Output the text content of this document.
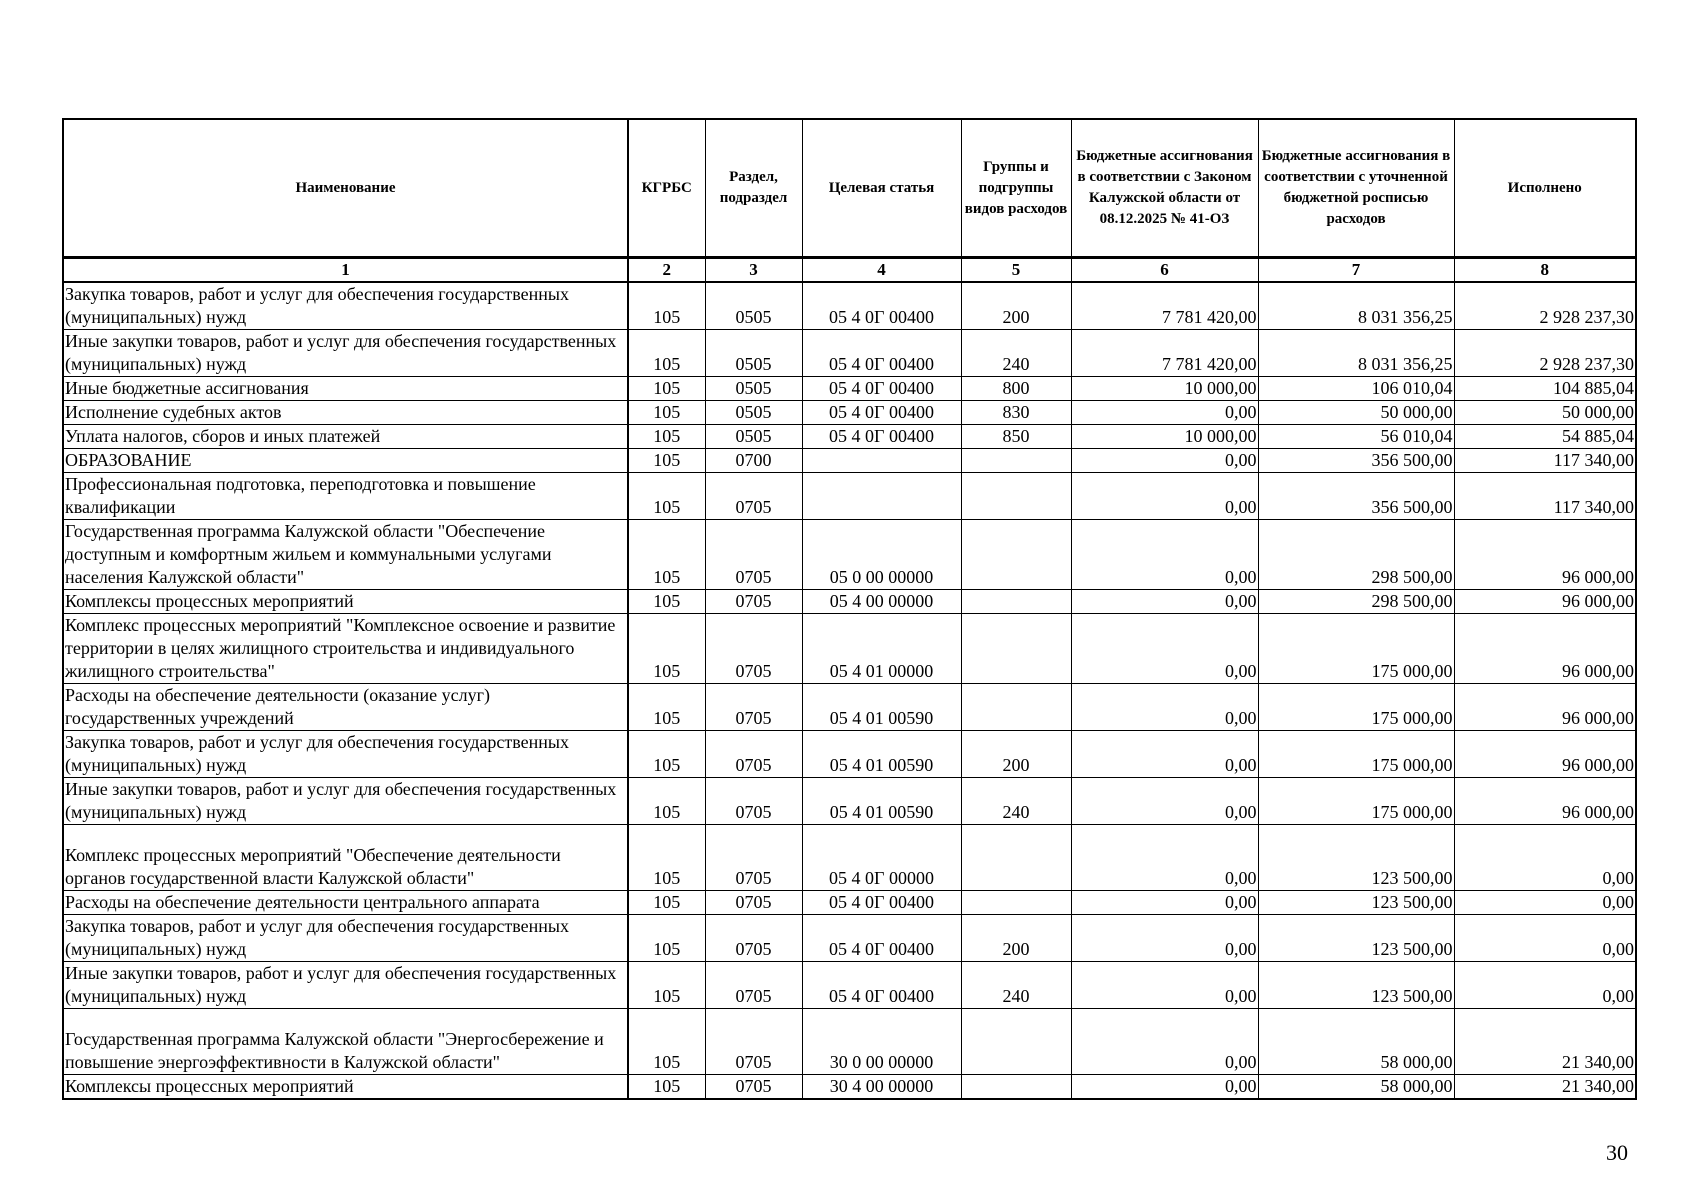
Наименование	КГРБС	Раздел, подраздел	Целевая статья	Группы и подгруппы видов расходов	Бюджетные ассигнования в соответствии с Законом Калужской области от 08.12.2025 № 41-ОЗ	Бюджетные ассигнования в соответствии с уточненной бюджетной росписью расходов	Исполнено
1	2	3	4	5	6	7	8
Закупка товаров, работ и услуг для обеспечения государственных (муниципальных) нужд	105	0505	05 4 0Г 00400	200	7 781 420,00	8 031 356,25	2 928 237,30
Иные закупки товаров, работ и услуг для обеспечения государственных (муниципальных) нужд	105	0505	05 4 0Г 00400	240	7 781 420,00	8 031 356,25	2 928 237,30
Иные бюджетные ассигнования	105	0505	05 4 0Г 00400	800	10 000,00	106 010,04	104 885,04
Исполнение судебных актов	105	0505	05 4 0Г 00400	830	0,00	50 000,00	50 000,00
Уплата налогов, сборов и иных платежей	105	0505	05 4 0Г 00400	850	10 000,00	56 010,04	54 885,04
ОБРАЗОВАНИЕ	105	0700			0,00	356 500,00	117 340,00
Профессиональная подготовка, переподготовка и повышение квалификации	105	0705			0,00	356 500,00	117 340,00
Государственная программа Калужской области "Обеспечение доступным и комфортным жильем и коммунальными услугами населения Калужской области"	105	0705	05 0 00 00000		0,00	298 500,00	96 000,00
Комплексы процессных мероприятий	105	0705	05 4 00 00000		0,00	298 500,00	96 000,00
Комплекс процессных мероприятий "Комплексное освоение и развитие территории в целях жилищного строительства и индивидуального жилищного строительства"	105	0705	05 4 01 00000		0,00	175 000,00	96 000,00
Расходы на обеспечение деятельности (оказание услуг) государственных учреждений	105	0705	05 4 01 00590		0,00	175 000,00	96 000,00
Закупка товаров, работ и услуг для обеспечения государственных (муниципальных) нужд	105	0705	05 4 01 00590	200	0,00	175 000,00	96 000,00
Иные закупки товаров, работ и услуг для обеспечения государственных (муниципальных) нужд	105	0705	05 4 01 00590	240	0,00	175 000,00	96 000,00
Комплекс процессных мероприятий "Обеспечение деятельности органов государственной власти Калужской области"	105	0705	05 4 0Г 00000		0,00	123 500,00	0,00
Расходы на обеспечение деятельности центрального аппарата	105	0705	05 4 0Г 00400		0,00	123 500,00	0,00
Закупка товаров, работ и услуг для обеспечения государственных (муниципальных) нужд	105	0705	05 4 0Г 00400	200	0,00	123 500,00	0,00
Иные закупки товаров, работ и услуг для обеспечения государственных (муниципальных) нужд	105	0705	05 4 0Г 00400	240	0,00	123 500,00	0,00
Государственная программа Калужской области "Энергосбережение и повышение энергоэффективности в Калужской области"	105	0705	30 0 00 00000		0,00	58 000,00	21 340,00
Комплексы процессных мероприятий	105	0705	30 4 00 00000		0,00	58 000,00	21 340,00
30
